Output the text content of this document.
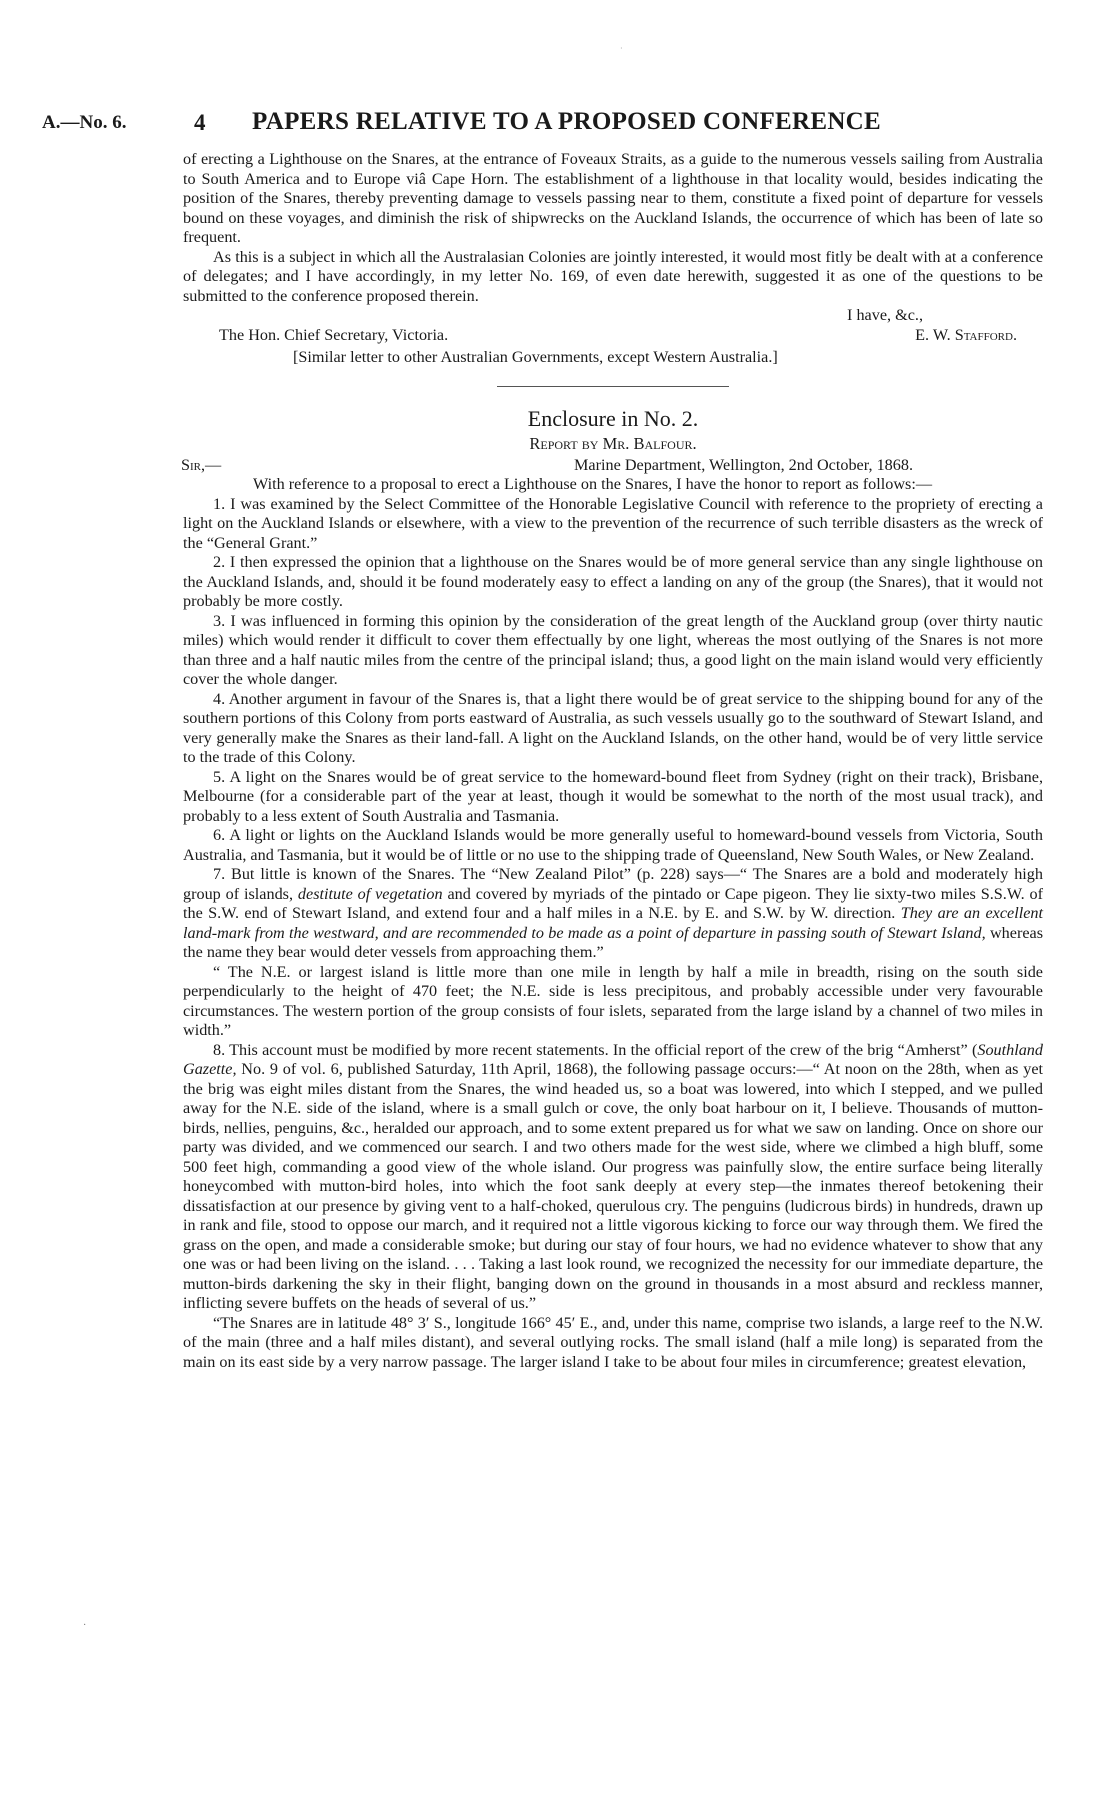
A.—No. 6.	4 PAPERS RELATIVE TO A PROPOSED CONFERENCE

of erecting a Lighthouse on the Snares, at the entrance of Foveaux Straits, as a guide to the numerous vessels sailing from Australia to South America and to Europe viâ Cape Horn. The establishment of a lighthouse in that locality would, besides indicating the position of the Snares, thereby preventing damage to vessels passing near to them, constitute a fixed point of departure for vessels bound on these voyages, and diminish the risk of shipwrecks on the Auckland Islands, the occurrence of which has been of late so frequent.

As this is a subject in which all the Australasian Colonies are jointly interested, it would most fitly be dealt with at a conference of delegates; and I have accordingly, in my letter No. 169, of even date herewith, suggested it as one of the questions to be submitted to the conference proposed therein.

I have, &c.,

The Hon. Chief Secretary, Victoria.	E. W. Stafford.

[Similar letter to other Australian Governments, except Western Australia.]

Enclosure in No. 2.
Report by Mr. Balfour.
Sir,—	Marine Department, Wellington, 2nd October, 1868.

With reference to a proposal to erect a Lighthouse on the Snares, I have the honor to report as follows:—

1. I was examined by the Select Committee of the Honorable Legislative Council with reference to the propriety of erecting a light on the Auckland Islands or elsewhere, with a view to the prevention of the recurrence of such terrible disasters as the wreck of the “General Grant.”

2. I then expressed the opinion that a lighthouse on the Snares would be of more general service than any single lighthouse on the Auckland Islands, and, should it be found moderately easy to effect a landing on any of the group (the Snares), that it would not probably be more costly.

3. I was influenced in forming this opinion by the consideration of the great length of the Auckland group (over thirty nautic miles) which would render it difficult to cover them effectually by one light, whereas the most outlying of the Snares is not more than three and a half nautic miles from the centre of the principal island; thus, a good light on the main island would very efficiently cover the whole danger.

4. Another argument in favour of the Snares is, that a light there would be of great service to the shipping bound for any of the southern portions of this Colony from ports eastward of Australia, as such vessels usually go to the southward of Stewart Island, and very generally make the Snares as their land-fall. A light on the Auckland Islands, on the other hand, would be of very little service to the trade of this Colony.

5. A light on the Snares would be of great service to the homeward-bound fleet from Sydney (right on their track), Brisbane, Melbourne (for a considerable part of the year at least, though it would be somewhat to the north of the most usual track), and probably to a less extent of South Australia and Tasmania.

6. A light or lights on the Auckland Islands would be more generally useful to homeward-bound vessels from Victoria, South Australia, and Tasmania, but it would be of little or no use to the shipping trade of Queensland, New South Wales, or New Zealand.

7. But little is known of the Snares. The “New Zealand Pilot” (p. 228) says—“ The Snares are a bold and moderately high group of islands, destitute of vegetation and covered by myriads of the pintado or Cape pigeon. They lie sixty-two miles S.S.W. of the S.W. end of Stewart Island, and extend four and a half miles in a N.E. by E. and S.W. by W. direction. They are an excellent land-mark from the westward, and are recommended to be made as a point of departure in passing south of Stewart Island, whereas the name they bear would deter vessels from approaching them.”

“ The N.E. or largest island is little more than one mile in length by half a mile in breadth, rising on the south side perpendicularly to the height of 470 feet; the N.E. side is less precipitous, and probably accessible under very favourable circumstances. The western portion of the group consists of four islets, separated from the large island by a channel of two miles in width.”

8. This account must be modified by more recent statements. In the official report of the crew of the brig “Amherst” (Southland Gazette, No. 9 of vol. 6, published Saturday, 11th April, 1868), the following passage occurs:—“ At noon on the 28th, when as yet the brig was eight miles distant from the Snares, the wind headed us, so a boat was lowered, into which I stepped, and we pulled away for the N.E. side of the island, where is a small gulch or cove, the only boat harbour on it, I believe. Thousands of mutton-birds, nellies, penguins, &c., heralded our approach, and to some extent prepared us for what we saw on landing. Once on shore our party was divided, and we commenced our search. I and two others made for the west side, where we climbed a high bluff, some 500 feet high, commanding a good view of the whole island. Our progress was painfully slow, the entire surface being literally honeycombed with mutton-bird holes, into which the foot sank deeply at every step—the inmates thereof betokening their dissatisfaction at our presence by giving vent to a half-choked, querulous cry. The penguins (ludicrous birds) in hundreds, drawn up in rank and file, stood to oppose our march, and it required not a little vigorous kicking to force our way through them. We fired the grass on the open, and made a considerable smoke; but during our stay of four hours, we had no evidence whatever to show that any one was or had been living on the island. . . . Taking a last look round, we recognized the necessity for our immediate departure, the mutton-birds darkening the sky in their flight, banging down on the ground in thousands in a most absurd and reckless manner, inflicting severe buffets on the heads of several of us.”

“The Snares are in latitude 48° 3′ S., longitude 166° 45′ E., and, under this name, comprise two islands, a large reef to the N.W. of the main (three and a half miles distant), and several outlying rocks. The small island (half a mile long) is separated from the main on its east side by a very narrow passage. The larger island I take to be about four miles in circumference; greatest elevation,

·
·
